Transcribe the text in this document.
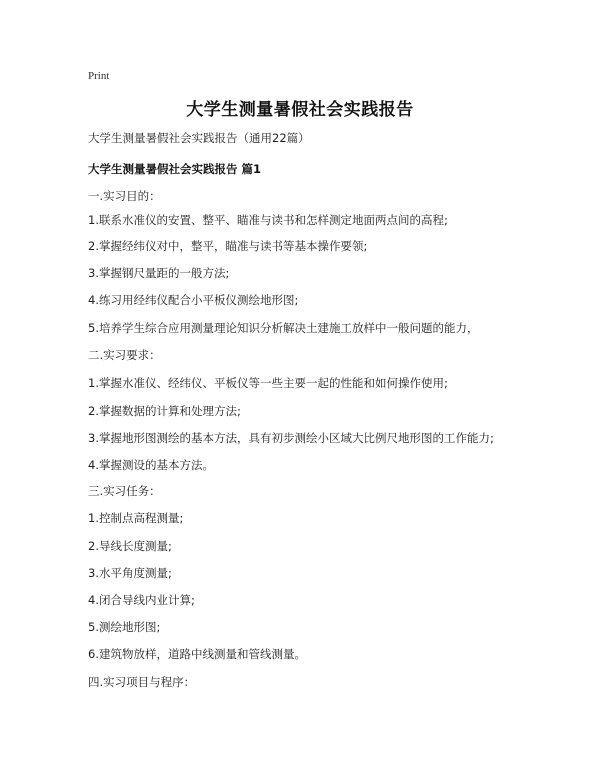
Print
大学生测量暑假社会实践报告
大学生测量暑假社会实践报告（通用22篇）
大学生测量暑假社会实践报告 篇1
一.实习目的：
1.联系水准仪的安置、整平、瞄准与读书和怎样测定地面两点间的高程;
2.掌握经纬仪对中，整平，瞄准与读书等基本操作要领;
3.掌握钢尺量距的一般方法;
4.练习用经纬仪配合小平板仪测绘地形图;
5.培养学生综合应用测量理论知识分析解决土建施工放样中一般问题的能力，
二.实习要求：
1.掌握水准仪、经纬仪、平板仪等一些主要一起的性能和如何操作使用;
2.掌握数据的计算和处理方法;
3.掌握地形图测绘的基本方法，具有初步测绘小区域大比例尺地形图的工作能力;
4.掌握测设的基本方法。
三.实习任务：
1.控制点高程测量;
2.导线长度测量;
3.水平角度测量;
4.闭合导线内业计算;
5.测绘地形图;
6.建筑物放样，道路中线测量和管线测量。
四.实习项目与程序：
